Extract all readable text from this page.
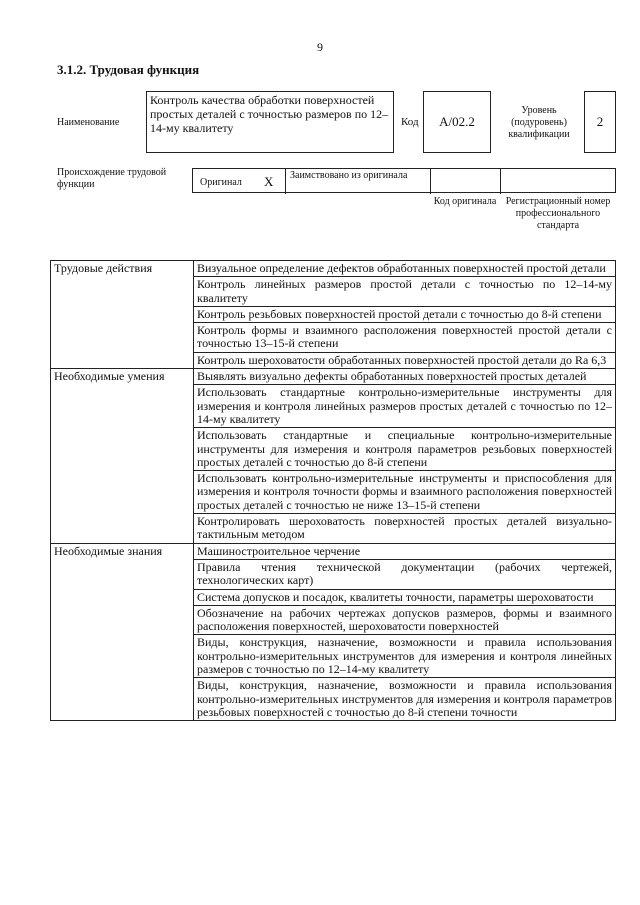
9
3.1.2. Трудовая функция
Наименование
Контроль качества обработки поверхностей простых деталей с точностью размеров по 12–14-му квалитету	Код А/02.2
Уровень (подуровень) квалификации
2
Происхождение трудовой функции	Оригинал X Заимствовано из оригинала
Код оригинала Регистрационный номер профессионального стандарта
Трудовые действия	Визуальное определение дефектов обработанных поверхностей простой детали
	Контроль линейных размеров простой детали с точностью по 12–14-му квалитету
	Контроль резьбовых поверхностей простой детали с точностью до 8-й степени
	Контроль формы и взаимного расположения поверхностей простой детали с точностью 13–15-й степени
	Контроль шероховатости обработанных поверхностей простой детали до Ra 6,3
Необходимые умения	Выявлять визуально дефекты обработанных поверхностей простых деталей
	Использовать стандартные контрольно-измерительные инструменты для измерения и контроля линейных размеров простых деталей с точностью по 12–14-му квалитету
	Использовать стандартные и специальные контрольно-измерительные инструменты для измерения и контроля параметров резьбовых поверхностей простых деталей с точностью до 8-й степени
	Использовать контрольно-измерительные инструменты и приспособления для измерения и контроля точности формы и взаимного расположения поверхностей простых деталей с точностью не ниже 13–15-й степени
	Контролировать шероховатость поверхностей простых деталей визуально-тактильным методом
Необходимые знания	Машиностроительное черчение
	Правила чтения технической документации (рабочих чертежей, технологических карт)
	Система допусков и посадок, квалитеты точности, параметры шероховатости
	Обозначение на рабочих чертежах допусков размеров, формы и взаимного расположения поверхностей, шероховатости поверхностей
	Виды, конструкция, назначение, возможности и правила использования контрольно-измерительных инструментов для измерения и контроля линейных размеров с точностью по 12–14-му квалитету
	Виды, конструкция, назначение, возможности и правила использования контрольно-измерительных инструментов для измерения и контроля параметров резьбовых поверхностей с точностью до 8-й степени точности
